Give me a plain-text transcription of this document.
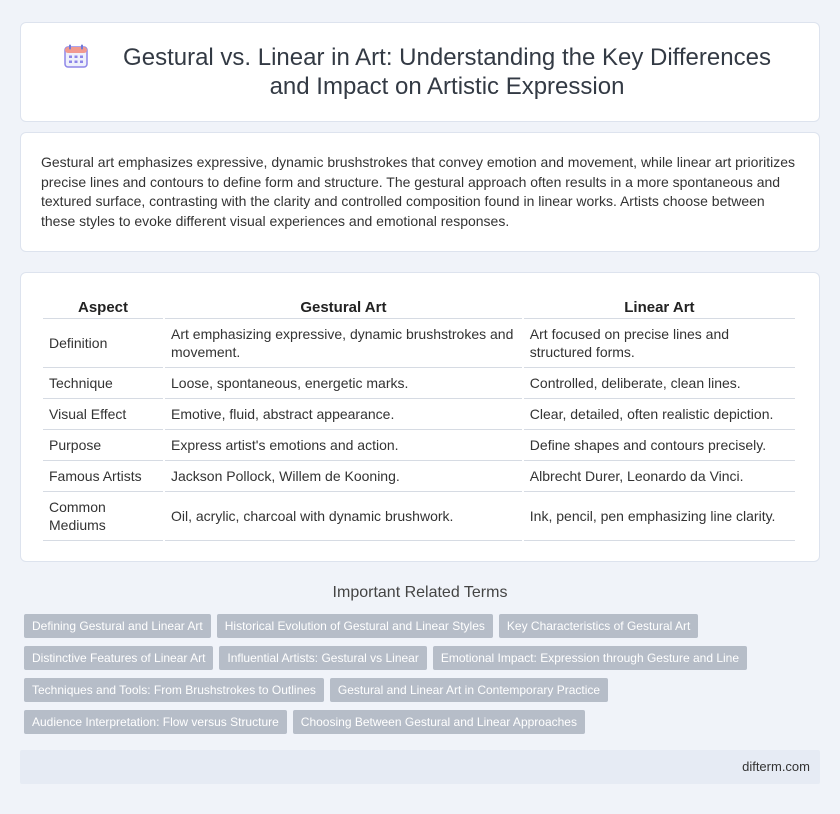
Gestural vs. Linear in Art: Understanding the Key Differences and Impact on Artistic Expression

Gestural art emphasizes expressive, dynamic brushstrokes that convey emotion and movement, while linear art prioritizes precise lines and contours to define form and structure. The gestural approach often results in a more spontaneous and textured surface, contrasting with the clarity and controlled composition found in linear works. Artists choose between these styles to evoke different visual experiences and emotional responses.

Aspect	Gestural Art	Linear Art
Definition	Art emphasizing expressive, dynamic brushstrokes and movement.	Art focused on precise lines and structured forms.
Technique	Loose, spontaneous, energetic marks.	Controlled, deliberate, clean lines.
Visual Effect	Emotive, fluid, abstract appearance.	Clear, detailed, often realistic depiction.
Purpose	Express artist's emotions and action.	Define shapes and contours precisely.
Famous Artists	Jackson Pollock, Willem de Kooning.	Albrecht Durer, Leonardo da Vinci.
Common Mediums	Oil, acrylic, charcoal with dynamic brushwork.	Ink, pencil, pen emphasizing line clarity.
Important Related Terms
Defining Gestural and Linear Art	Historical Evolution of Gestural and Linear Styles	Key Characteristics of Gestural Art
Distinctive Features of Linear Art	Influential Artists: Gestural vs Linear	Emotional Impact: Expression through Gesture and Line
Techniques and Tools: From Brushstrokes to Outlines	Gestural and Linear Art in Contemporary Practice
Audience Interpretation: Flow versus Structure	Choosing Between Gestural and Linear Approaches
difterm.com
